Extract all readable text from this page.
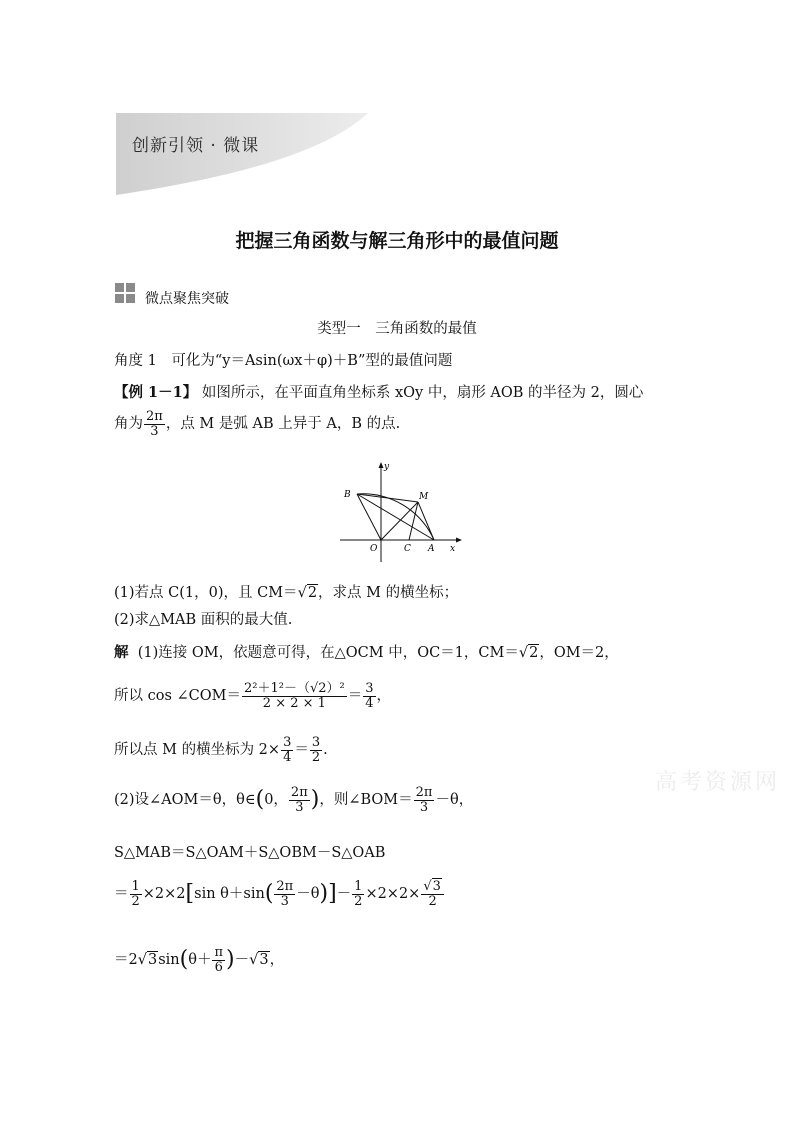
创新引领 · 微课
把握三角函数与解三角形中的最值问题
微点聚焦突破
类型一　三角函数的最值
角度 1　可化为“y＝Asin(ωx＋φ)＋B”型的最值问题
【例 1－1】 如图所示，在平面直角坐标系 xOy 中，扇形 AOB 的半径为 2，圆心
角为 $\frac{2\pi}{3}$ ，点 M 是弧 AB 上异于 A，B 的点.
y
x
B	M
O	C A
(1)若点 C(1，0)，且 CM＝√2，求点 M 的横坐标；
(2)求△MAB 面积的最大值.
解 (1)连接 OM，依题意可得，在△OCM 中，OC＝1，CM＝√2，OM＝2，
所以 cos ∠COM＝ $\frac{\text{2²＋1²－（√2）²}}{2 \times 2 \times 1} = \frac{3}{4}$ ，
所以点 M 的横坐标为 $2\times \frac{3}{4} = \frac{3}{2}$ .
高考资源网
(2)设∠AOM＝θ，θ∈(0， $\frac{2\pi}{3}$ )，则∠BOM＝ $\frac{2\pi}{3} -\theta$，
S△MAB＝S△OAM＋S△OBM－S△OAB
＝ $\frac{1}{2} \times 2\times 2[\sin$ $\theta+\sin( \frac{2\pi}{3} -\theta)]- \frac{1}{2} \times 2\times 2\times \frac{√3}{2}$
$=2√3\sin(\theta+ \frac{\pi}{6} )-√3$，
